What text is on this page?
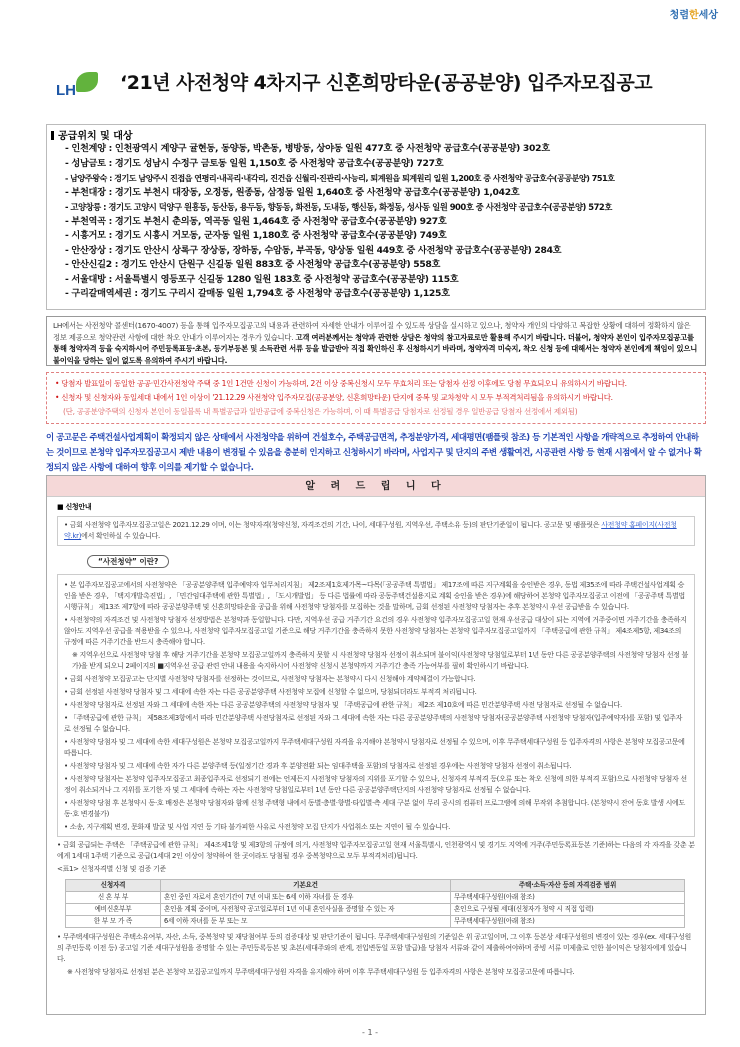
청렴한세상
LH ‘21년 사전청약 4차지구 신혼희망타운(공공분양) 입주자모집공고
공급위치 및 대상
- 인천계양 : 인천광역시 계양구 귤현동, 동양동, 박촌동, 병방동, 상야동 일원 477호 중 사전청약 공급호수(공공분양) 302호
- 성남금토 : 경기도 성남시 수정구 금토동 일원 1,150호 중 사전청약 공급호수(공공분양) 727호
- 남양주왕숙 : 경기도 남양주시 진접읍 연평리·내곡리·내각리, 진건읍 신월리·진관리·사능리, 퇴계원읍 퇴계원리 일원 1,200호 중 사전청약 공급호수(공공분양) 751호
- 부천대장 : 경기도 부천시 대장동, 오정동, 원종동, 삼정동 일원 1,640호 중 사전청약 공급호수(공공분양) 1,042호
- 고양창릉 : 경기도 고양시 덕양구 원흥동, 동산동, 용두동, 향동동, 화전동, 도내동, 행신동, 화정동, 성사동 일원 900호 중 사전청약 공급호수(공공분양) 572호
- 부천역곡 : 경기도 부천시 춘의동, 역곡동 일원 1,464호 중 사전청약 공급호수(공공분양) 927호
- 시흥거모 : 경기도 시흥시 거모동, 군자동 일원 1,180호 중 사전청약 공급호수(공공분양) 749호
- 안산장상 : 경기도 안산시 상록구 장상동, 장하동, 수암동, 부곡동, 양상동 일원 449호 중 사전청약 공급호수(공공분양) 284호
- 안산신길2 : 경기도 안산시 단원구 신길동 일원 883호 중 사전청약 공급호수(공공분양) 558호
- 서울대방 : 서울특별시 영등포구 신길동 1280 일원 183호 중 사전청약 공급호수(공공분양) 115호
- 구리갈매역세권 : 경기도 구리시 갈매동 일원 1,794호 중 사전청약 공급호수(공공분양) 1,125호

LH에서는 사전청약 콜센터(1670-4007) 등을 통해 입주자모집공고의 내용과 관련하여 자세한 안내가 이루어질 수 있도록 상담을 실시하고 있으나, 청약자 개인의 다양하고 복잡한 상황에 대하여 정확하지 않은 정보 제공으로 청약관련 사항에 대한 착오 안내가 이루어지는 경우가 있습니다. 고객 여러분께서는 청약과 관련한 상담은 청약의 참고자료로만 활용해 주시기 바랍니다. 더불어, 청약자 본인이 입주자모집공고를 통해 청약자격 등을 숙지하시어 주민등록표등·초본, 등기부등본 및 소득관련 서류 등을 발급받아 직접 확인하신 후 신청하시기 바라며, 청약자격 미숙지, 착오 신청 등에 대해서는 청약자 본인에게 책임이 있으니 불이익을 당하는 일이 없도록 유의하여 주시기 바랍니다.

• 당첨자 발표일이 동일한 공공·민간사전청약 주택 중 1인 1건만 신청이 가능하며, 2건 이상 중복신청시 모두 무효처리 또는 당첨자 선정 이후에도 당첨 무효되오니 유의하시기 바랍니다.

• 신청자 및 신청자와 동일세대 내에서 1인 이상이 '21.12.29 사전청약 입주자모집(공공분양, 신혼희망타운) 단지에 중복 및 교차청약 시 모두 부적격처리됨을 유의하시기 바랍니다.

(단, 공공분양주택의 신청자 본인이 동일블록 내 특별공급과 일반공급에 중복신청은 가능하며, 이 때 특별공급 당첨자로 선정될 경우 일반공급 당첨자 선정에서 제외됨)

이 공고문은 주택건설사업계획이 확정되지 않은 상태에서 사전청약을 위하여 건설호수, 주택공급면적, 추정분양가격, 세대평면(팸플릿 참조) 등 기본적인 사항을 개략적으로 추정하여 안내하는 것이므로 본청약 입주자모집공고시 제반 내용이 변경될 수 있음을 충분히 인지하고 신청하시기 바라며, 사업지구 및 단지의 주변 생활여건, 시공관련 사항 등 현재 시점에서 알 수 없거나 확정되지 않은 사항에 대하여 향후 이의를 제기할 수 없습니다.

알 려 드 립 니 다
■ 신청안내
• 금회 사전청약 입주자모집공고일은 2021.12.29 이며, 이는 청약자격(청약신청, 자격조건의 기간, 나이, 세대구성원, 지역우선, 주택소유 등)의 판단기준일이 됩니다. 공고문 및 팸플릿은 사전청약 홈페이지(사전청약.kr)에서 확인하실 수 있습니다.
“사전청약” 이란?
• 본 입주자모집공고에서의 사전청약은 「공공분양주택 입주예약자 업무처리지침」 제2조제1호제가목~다목(「공공주택 특별법」 제17조에 따른 지구계획을 승인받은 경우, 동법 제35조에 따라 주택건설사업계획 승인을 받은 경우, 「택지개발촉진법」, 「민간임대주택에 관한 특별법」, 「도시개발법」 등 다른 법률에 따라 공동주택건설용지로 계획 승인을 받은 경우)에 해당하여 본청약 입주자모집공고 이전에 「공공주택 특별법 시행규칙」 제13조 제7항에 따라 공공분양주택 및 신혼희망타운을 공급을 위해 사전청약 당첨자를 모집하는 것을 말하며, 금회 선정된 사전청약 당첨자는 추후 본청약시 우선 공급받을 수 있습니다.
• 사전청약의 자격조건 및 사전청약 당첨자 선정방법은 본청약과 동일합니다. 다만, 지역우선 공급 거주기간 요건의 경우 사전청약 입주자모집공고일 현재 우선공급 대상이 되는 지역에 거주중이면 거주기간을 충족하지 않아도 지역우선 공급을 적용받을 수 있으나, 사전청약 입주자모집공고일 기준으로 해당 거주기간을 충족하지 못한 사전청약 당첨자는 본청약 입주자모집공고일까지 「주택공급에 관한 규칙」 제4조제5항, 제34조의 규정에 따른 거주기간을 반드시 충족해야 합니다.
※ 지역우선으로 사전청약 당첨 후 해당 거주기간을 본청약 모집공고일까지 충족하지 못할 시 사전청약 당첨자 선정이 취소되며 불이익(사전청약 당첨일로부터 1년 동안 다른 공공분양주택의 사전청약 당첨자 선정 불가)을 받게 되오니 2페이지의 ■지역우선 공급 관련 안내 내용을 숙지하시어 사전청약 신청시 본청약까지 거주기간 충족 가능여부를 필히 확인하시기 바랍니다.
• 금회 사전청약 모집공고는 단지별 사전청약 당첨자를 선정하는 것이므로, 사전청약 당첨자는 본청약시 다시 신청해야 계약체결이 가능합니다.
• 금회 선정된 사전청약 당첨자 및 그 세대에 속한 자는 다른 공공분양주택 사전청약 모집에 신청할 수 없으며, 당첨되더라도 부적격 처리됩니다.
• 사전청약 당첨자로 선정된 자와 그 세대에 속한 자는 다른 공공분양주택의 사전청약 당첨자 및 「주택공급에 관한 규칙」 제2조 제10호에 따른 민간분양주택 사전 당첨자로 선정될 수 없습니다.
• 「주택공급에 관한 규칙」 제58조제3항에서 따라 민간분양주택 사전당첨자로 선정된 자와 그 세대에 속한 자는 다른 공공분양주택의 사전청약 당첨자(공공분양주택 사전청약 당첨자(입주예약자)를 포함) 및 입주자로 선정될 수 없습니다.
• 사전청약 당첨자 및 그 세대에 속한 세대구성원은 본청약 모집공고일까지 무주택세대구성원 자격을 유지해야 본청약시 당첨자로 선정될 수 있으며, 이후 무주택세대구성원 등 입주자격의 사항은 본청약 모집공고문에 따릅니다.
• 사전청약 당첨자 및 그 세대에 속한 자가 다른 분양주택 등(일정기간 경과 후 분양전환 되는 임대주택을 포함)의 당첨자로 선정된 경우에는 사전청약 당첨자 선정이 취소됩니다.
• 사전청약 당첨자는 본청약 입주자모집공고 최종입주자로 선정되기 전에는 언제든지 사전청약 당첨자의 지위를 포기할 수 있으나, 신청자격 부적격 등(오류 또는 착오 신청에 의한 부적격 포함)으로 사전청약 당첨자 선정이 취소되거나 그 지위를 포기한 자 및 그 세대에 속하는 자는 사전청약 당첨일로부터 1년 동안 다른 공공분양주택단지의 사전청약 당첨자로 선정될 수 없습니다.
• 사전청약 당첨 후 본청약시 동·호 배정은 본청약 당첨자와 함께 신청 주택형 내에서 동별·층별·향별·타입별·측 세대 구분 없이 무리 공시의 컴퓨터 프로그램에 의해 무작위 추첨합니다. (본청약시 잔여 동호 발생 시에도 동·호 변경불가)
• 소송, 지구계획 변경, 문화재 발굴 및 사업 지연 등 기타 불가피한 사유로 사전청약 모집 단지가 사업취소 또는 지연이 될 수 있습니다.
• 금회 공급되는 주택은 「주택공급에 관한 규칙」 제4조제1항 및 제3항의 규정에 의거, 사전청약 입주자모집공고일 현재 서울특별시, 인천광역시 및 경기도 지역에 거주(주민등록표등본 기준)하는 다음의 각 자격을 갖춘 분에게 1세대 1주택 기준으로 공급(1세대 2인 이상이 청약하여 한 곳이라도 당첨될 경우 중복청약으로 모두 부적격처리)됩니다.
<표1> 신청자격별 신청 및 검증 기준
신청자격	기본요건	주택·소득·자산 등의 자격검증 범위
신 혼 부 부	혼인 중인 자로서 혼인기간이 7년 이내 또는 6세 이하 자녀를 둔 경우	무주택세대구성원(아래 참조)
예비신혼부부	혼인을 계획 중이며, 사전청약 공고일로부터 1년 이내 혼인사실을 증명할 수 있는 자	혼인으로 구성될 세대(신청자가 청약 시 직접 입력)
한 부 모 가 족	6세 이하 자녀를 둔 부 또는 모	무주택세대구성원(아래 참조)
• 무주택세대구성원은 주택소유여부, 자산, 소득, 중복청약 및 재당첨여부 등의 검증대상 및 판단기준이 됩니다. 무주택세대구성원의 기준일은 위 공고일이며, 그 이후 등본상 세대구성원의 변경이 있는 경우(ex. 세대구성원의 주민등록 이전 등) 공고일 기준 세대구성원을 증명할 수 있는 주민등록등본 및 초본(세대주와의 관계, 전입변동일 포함 발급)을 당첨자 서류와 같이 제출하여야하며 증빙 서류 미제출로 인한 불이익은 당첨자에게 있습니다.
※ 사전청약 당첨자로 선정된 분은 본청약 모집공고일까지 무주택세대구성원 자격을 유지해야 하며 이후 무주택세대구성원 등 입주자격의 사항은 본청약 모집공고문에 따릅니다.
- 1 -
